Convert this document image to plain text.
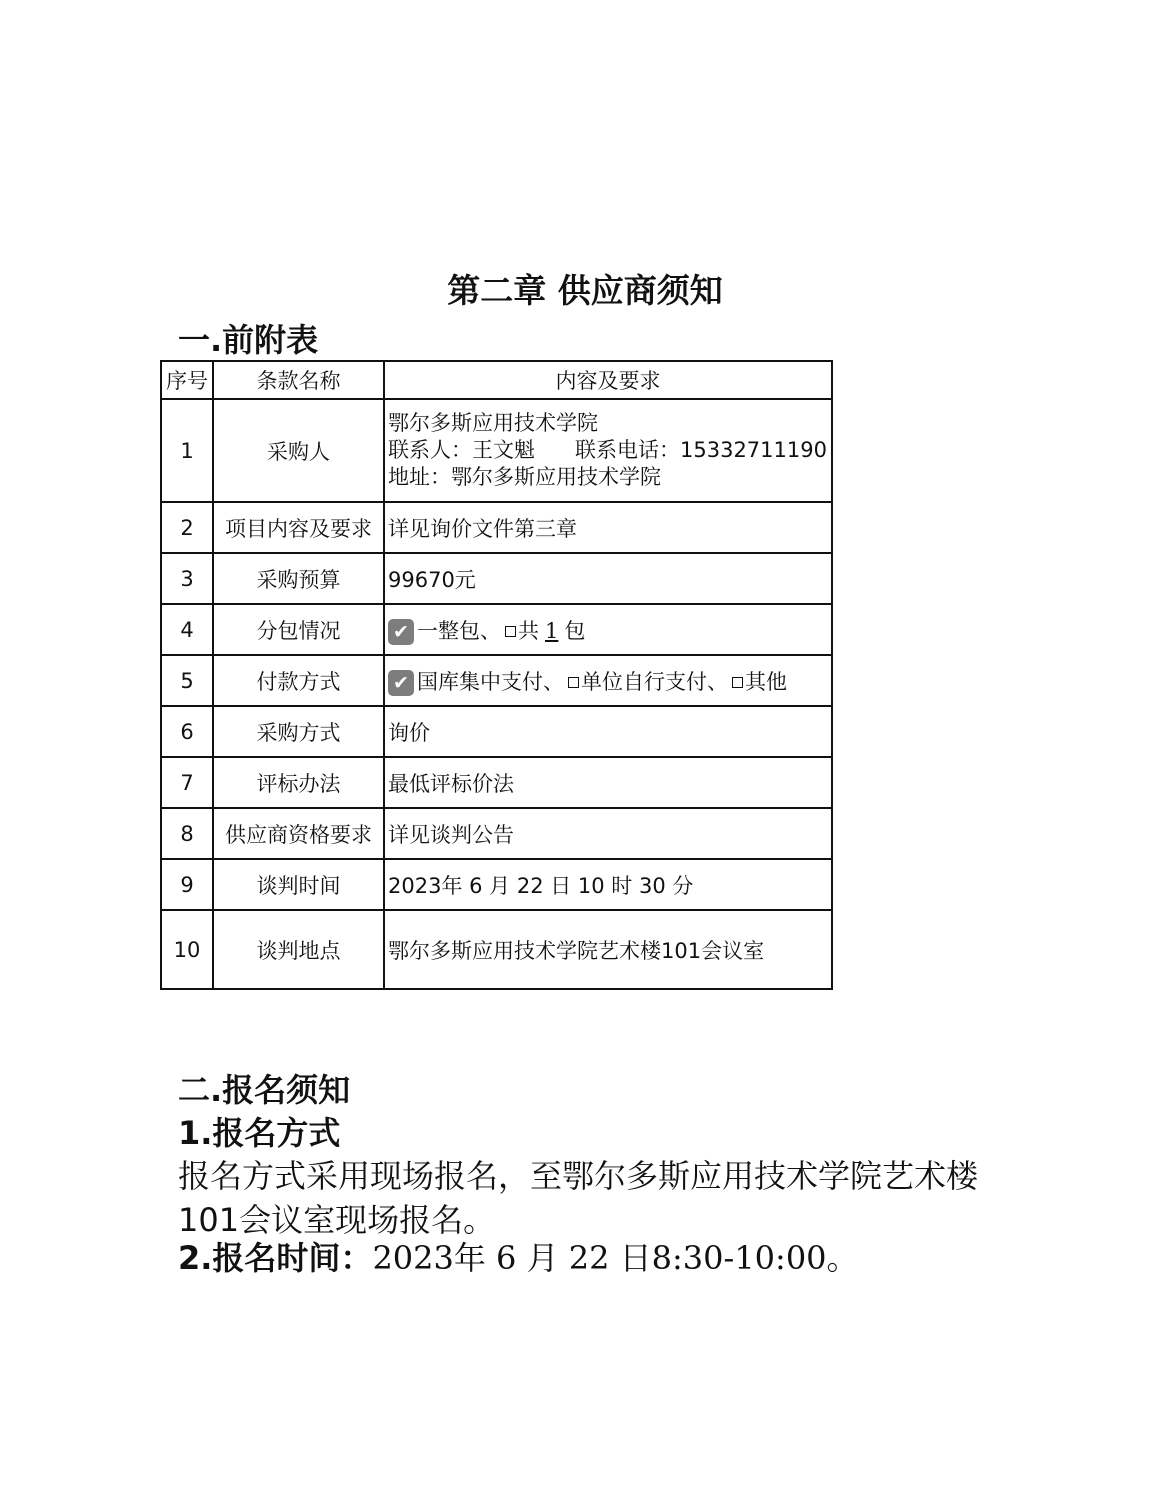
第二章 供应商须知
一.前附表
序号	条款名称	内容及要求
1	采购人	鄂尔多斯应用技术学院
联系人：王文魁 联系电话：15332711190
地址：鄂尔多斯应用技术学院

2	项目内容及要求	详见询价文件第三章
3	采购预算	99670元
4	分包情况	✔ 一整包、 共 1 包
5	付款方式	✔ 国库集中支付、 单位自行支付、 其他
6	采购方式	询价
7	评标办法	最低评标价法
8	供应商资格要求	详见谈判公告
9	谈判时间	2023年 6 月 22 日 10 时 30 分
10	谈判地点	鄂尔多斯应用技术学院艺术楼101会议室
二.报名须知
1.报名方式
报名方式采用现场报名，至鄂尔多斯应用技术学院艺术楼101会议室现场报名。
2.报名时间：2023年 6 月 22 日8:30-10:00。
